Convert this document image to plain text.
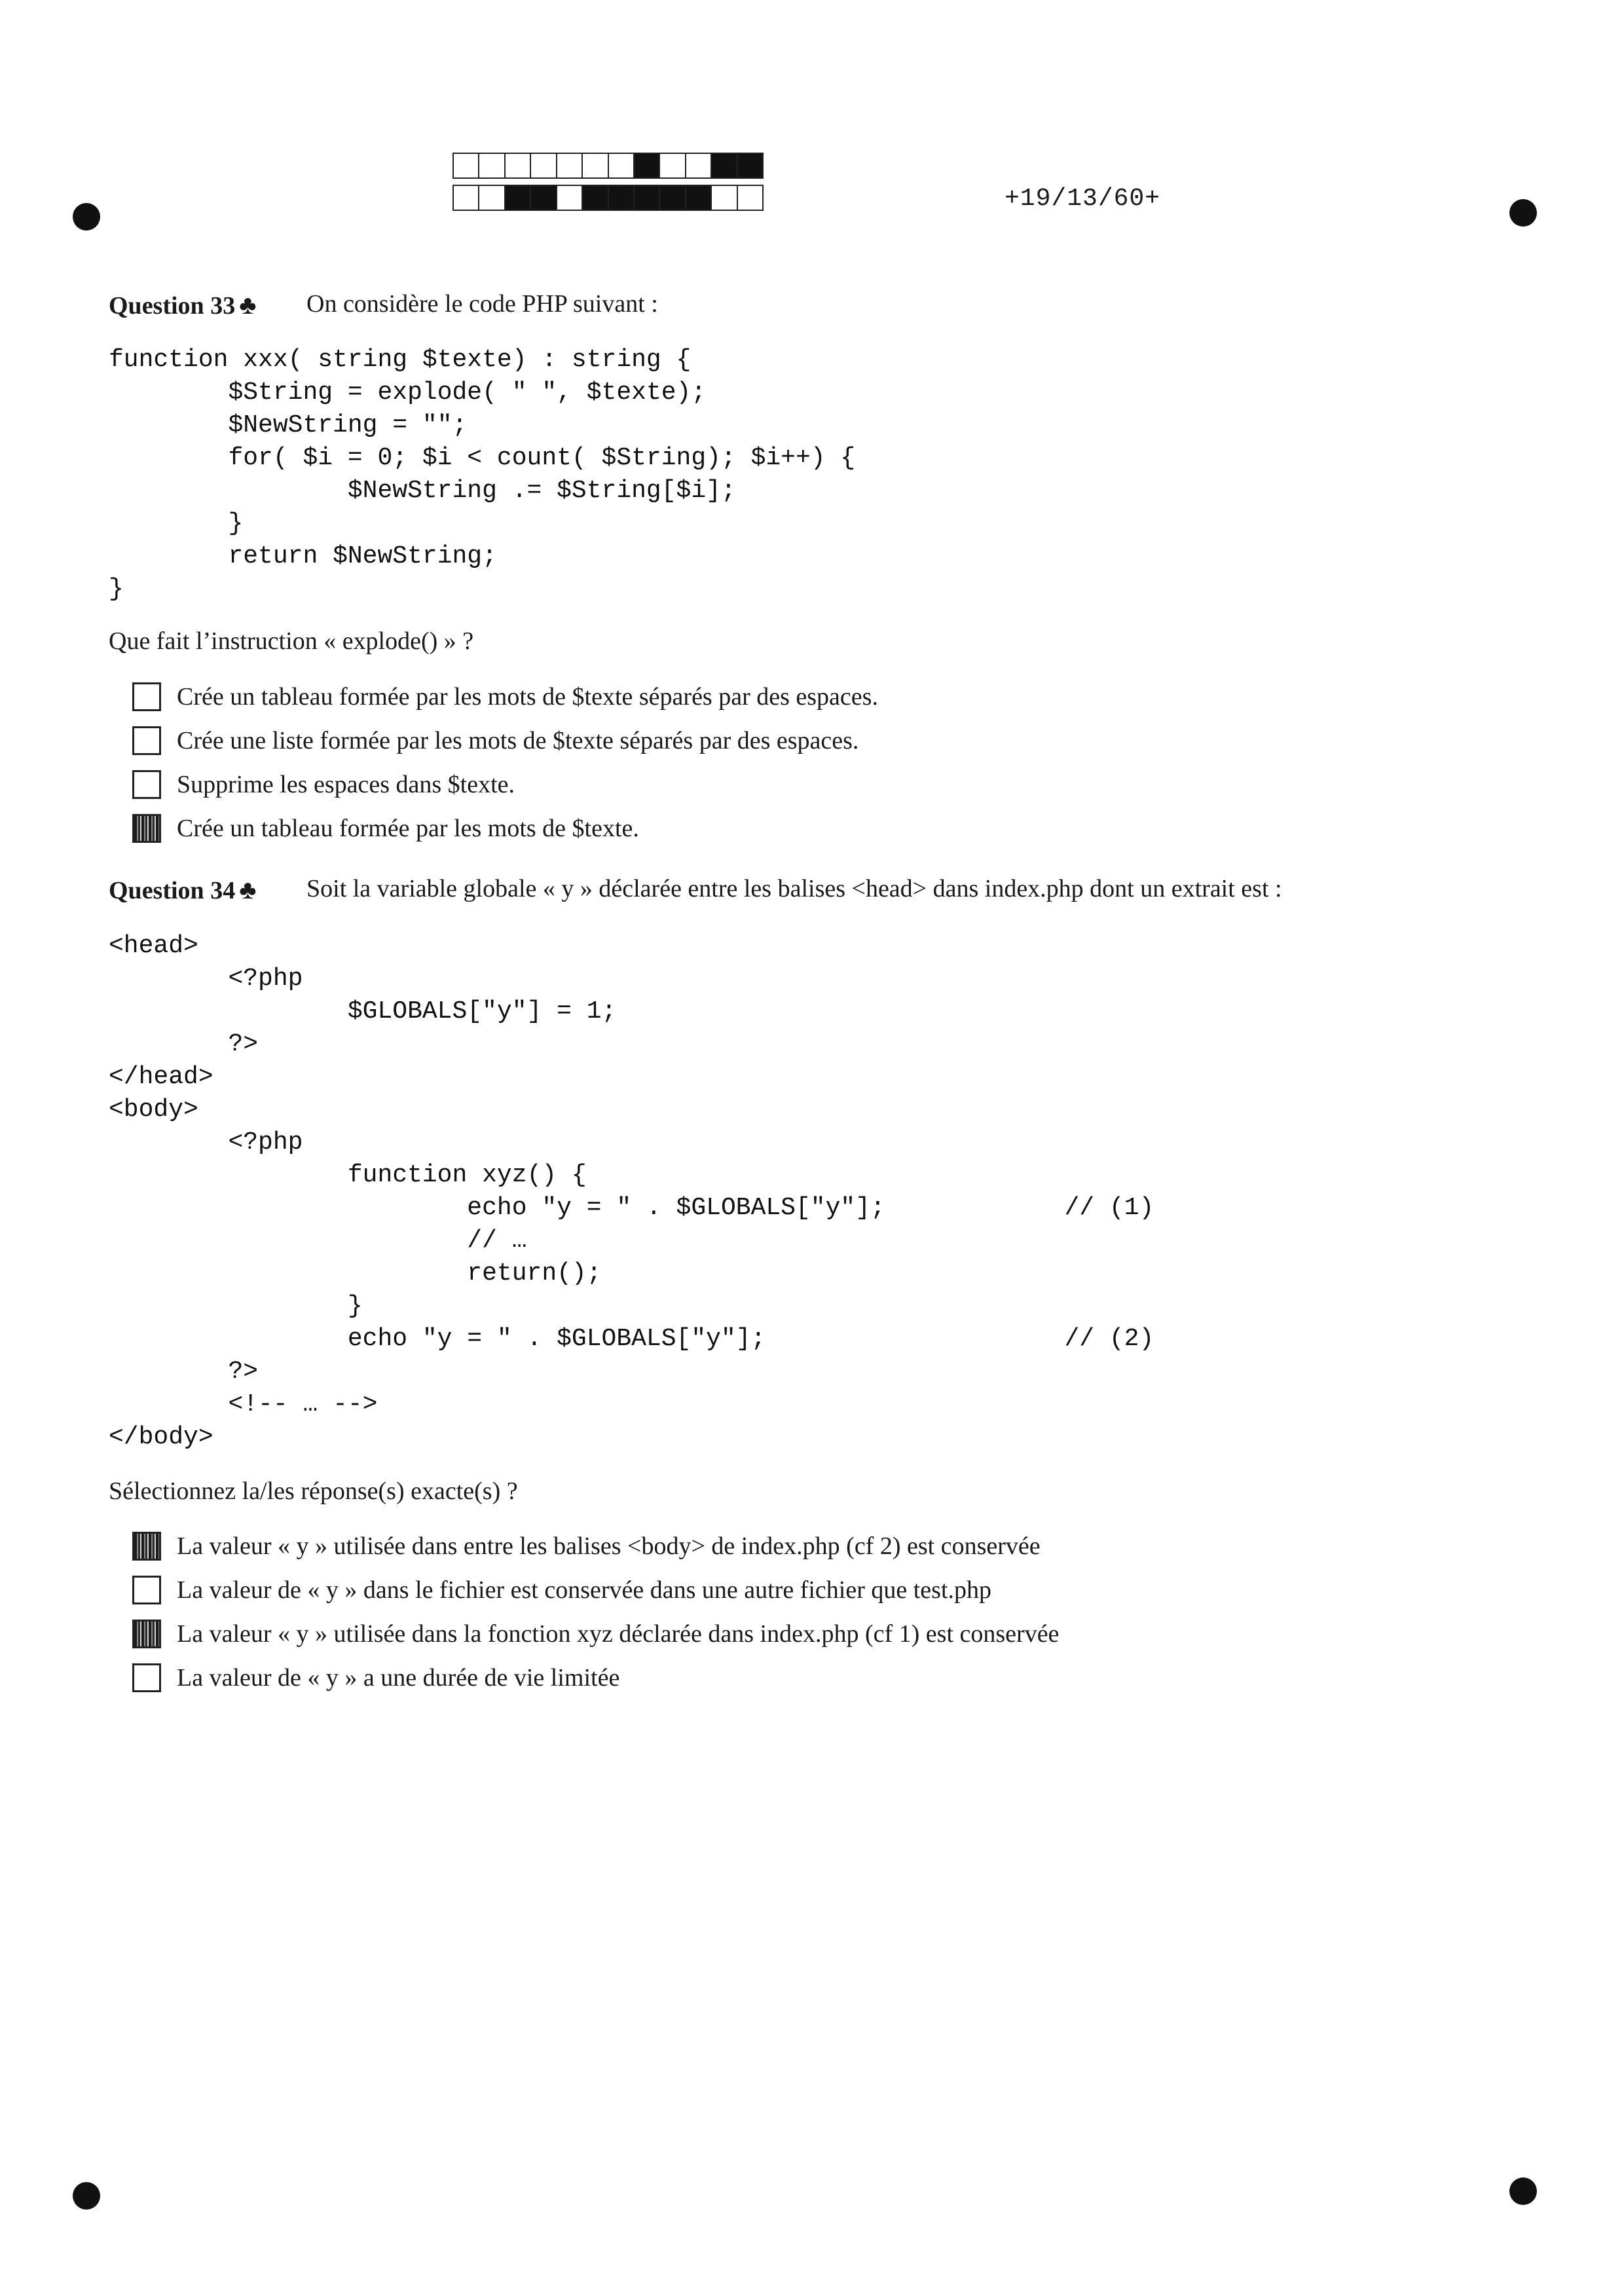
+19/13/60+
Question 33 ♣ On considère le code PHP suivant :
function xxx( string $texte) : string {
	$String = explode( " ", $texte);
	$NewString = "";
	for( $i = 0; $i < count( $String); $i++) {
		$NewString .= $String[$i];
	}
	return $NewString;
}
Que fait l’instruction « explode() » ?
Crée un tableau formée par les mots de $texte séparés par des espaces.
Crée une liste formée par les mots de $texte séparés par des espaces.
Supprime les espaces dans $texte.
Crée un tableau formée par les mots de $texte.
Question 34 ♣ Soit la variable globale « y » déclarée entre les balises <head> dans index.php dont un extrait est :
<head>
	<?php
		$GLOBALS["y"] = 1;
	?>
</head>
<body>
	<?php
		function xyz() {
			echo "y = " . $GLOBALS["y"];		// (1)
			// …
			return();
		}
		echo "y = " . $GLOBALS["y"];			// (2)
	?>
	<!-- … -->
</body>
Sélectionnez la/les réponse(s) exacte(s) ?
La valeur « y » utilisée dans entre les balises <body> de index.php (cf 2) est conservée
La valeur de « y » dans le fichier est conservée dans une autre fichier que test.php
La valeur « y » utilisée dans la fonction xyz déclarée dans index.php (cf 1) est conservée
La valeur de « y » a une durée de vie limitée
